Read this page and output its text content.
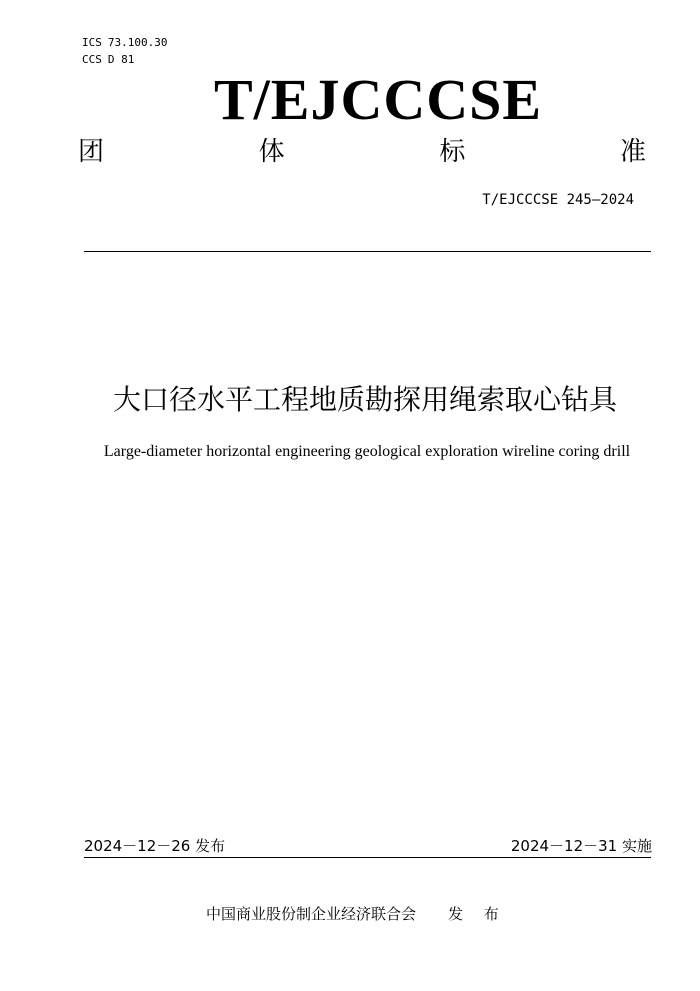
ICS 73.100.30
CCS D 81
T/EJCCCSE
团	体	标	准
T/EJCCCSE 245—2024
大口径水平工程地质勘探用绳索取心钻具
Large-diameter horizontal engineering geological exploration wireline coring drill
2024－12－26 发布	2024－12－31 实施
中国商业股份制企业经济联合会 发 布
